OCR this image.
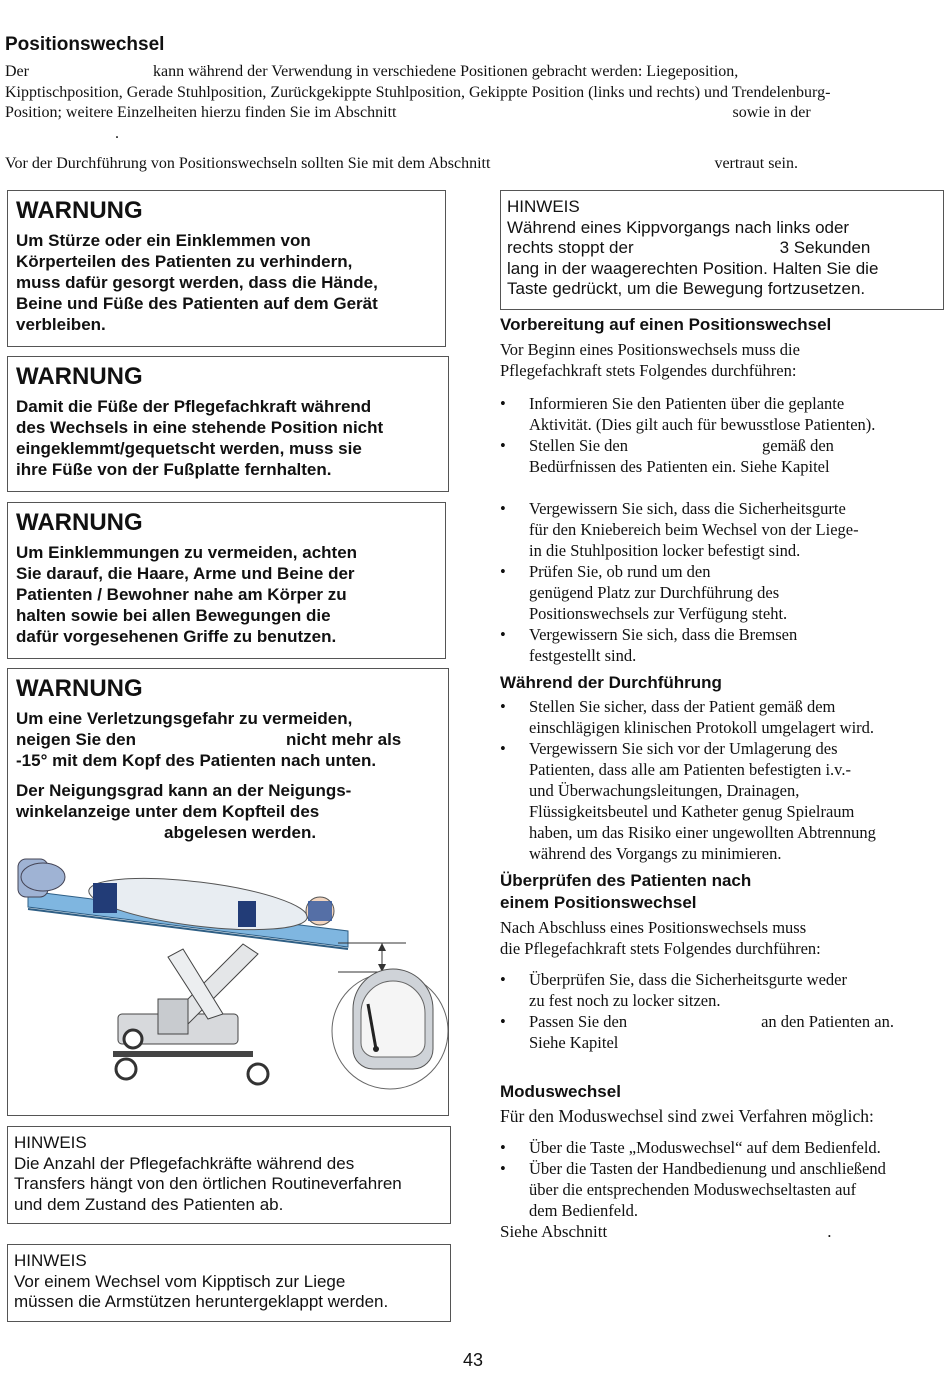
Positionswechsel
Der	kann während der Verwendung in verschiedene Positionen gebracht werden: Liegeposition,
Kipptischposition, Gerade Stuhlposition, Zurückgekippte Stuhlposition, Gekippte Position (links und rechts) und Trendelenburg-
Position; weitere Einzelheiten hierzu finden Sie im Abschnitt	sowie in der
.
Vor der Durchführung von Positionswechseln sollten Sie mit dem Abschnitt	vertraut sein.
WARNUNG
Um Stürze oder ein Einklemmen von
Körperteilen des Patienten zu verhindern,
muss dafür gesorgt werden, dass die Hände,
Beine und Füße des Patienten auf dem Gerät
verbleiben.
WARNUNG
Damit die Füße der Pflegefachkraft während
des Wechsels in eine stehende Position nicht
eingeklemmt/gequetscht werden, muss sie
ihre Füße von der Fußplatte fernhalten.
WARNUNG
Um Einklemmungen zu vermeiden, achten
Sie darauf, die Haare, Arme und Beine der
Patienten / Bewohner nahe am Körper zu
halten sowie bei allen Bewegungen die
dafür vorgesehenen Griffe zu benutzen.
WARNUNG
Um eine Verletzungsgefahr zu vermeiden,
neigen Sie den	nicht mehr als
-15° mit dem Kopf des Patienten nach unten.
Der Neigungsgrad kann an der Neigungs-
winkelanzeige unter dem Kopfteil des
abgelesen werden.
HINWEIS
Die Anzahl der Pflegefachkräfte während des
Transfers hängt von den örtlichen Routineverfahren
und dem Zustand des Patienten ab.
HINWEIS
Vor einem Wechsel vom Kipptisch zur Liege
müssen die Armstützen heruntergeklappt werden.
HINWEIS
Während eines Kippvorgangs nach links oder
rechts stoppt der	3 Sekunden
lang in der waagerechten Position. Halten Sie die
Taste gedrückt, um die Bewegung fortzusetzen.
Vorbereitung auf einen Positionswechsel
Vor Beginn eines Positionswechsels muss die
Pflegefachkraft stets Folgendes durchführen:
• Informieren Sie den Patienten über die geplante
Aktivität. (Dies gilt auch für bewusstlose Patienten).
• Stellen Sie den	gemäß den
Bedürfnissen des Patienten ein. Siehe Kapitel

• Vergewissern Sie sich, dass die Sicherheitsgurte
für den Kniebereich beim Wechsel von der Liege-
in die Stuhlposition locker befestigt sind.
• Prüfen Sie, ob rund um den
genügend Platz zur Durchführung des
Positionswechsels zur Verfügung steht.
• Vergewissern Sie sich, dass die Bremsen
festgestellt sind.
Während der Durchführung
• Stellen Sie sicher, dass der Patient gemäß dem
einschlägigen klinischen Protokoll umgelagert wird.
• Vergewissern Sie sich vor der Umlagerung des
Patienten, dass alle am Patienten befestigten i.v.-
und Überwachungsleitungen, Drainagen,
Flüssigkeitsbeutel und Katheter genug Spielraum
haben, um das Risiko einer ungewollten Abtrennung
während des Vorgangs zu minimieren.
Überprüfen des Patienten nach
einem Positionswechsel
Nach Abschluss eines Positionswechsels muss
die Pflegefachkraft stets Folgendes durchführen:
• Überprüfen Sie, dass die Sicherheitsgurte weder
zu fest noch zu locker sitzen.
• Passen Sie den	an den Patienten an.
Siehe Kapitel
Moduswechsel
Für den Moduswechsel sind zwei Verfahren möglich:
• Über die Taste „Moduswechsel“ auf dem Bedienfeld.
• Über die Tasten der Handbedienung und anschließend
über die entsprechenden Moduswechseltasten auf
dem Bedienfeld.
Siehe Abschnitt	.
43
